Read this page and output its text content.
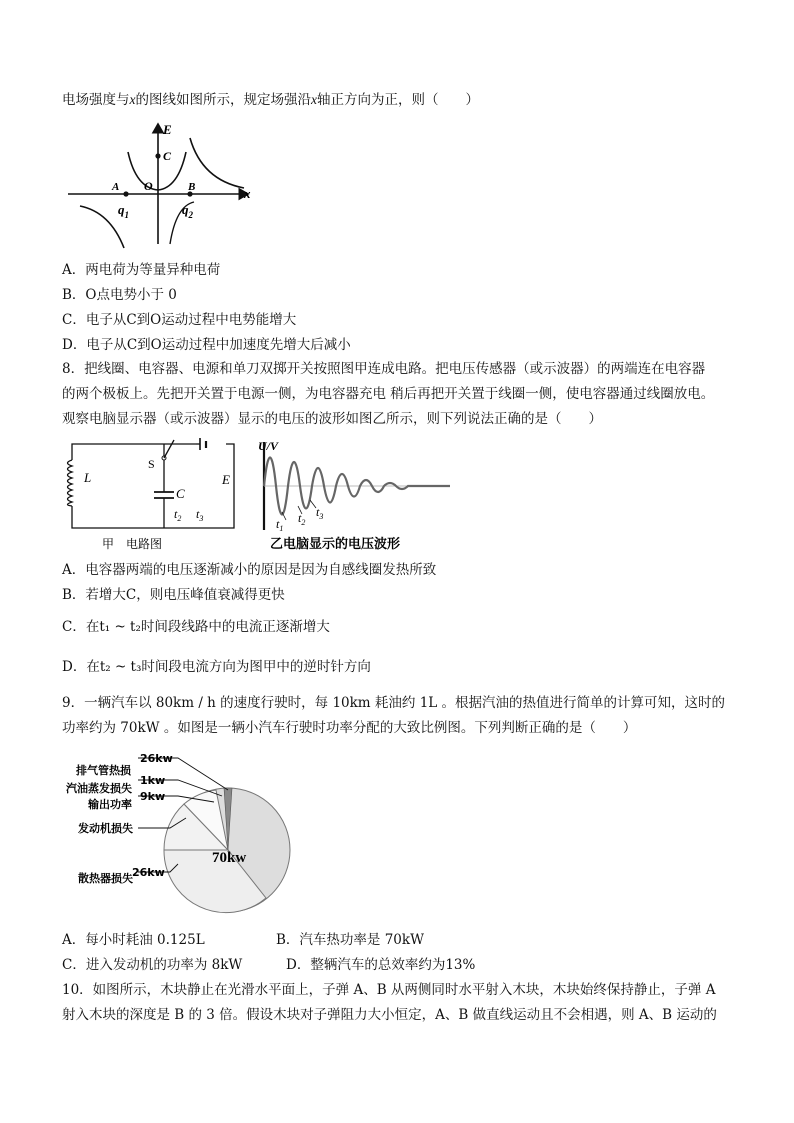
电场强度与x的图线如图所示，规定场强沿x轴正方向为正，则（　　）
E
x
C
A O	B
$q_1$	$q_2$
A．两电荷为等量异种电荷
B．O点电势小于 0
C．电子从C到O运动过程中电势能增大
D．电子从C到O运动过程中加速度先增大后减小
8．把线圈、电容器、电源和单刀双掷开关按照图甲连成电路。把电压传感器（或示波器）的两端连在电容器
的两个极板上。先把开关置于电源一侧，为电容器充电 稍后再把开关置于线圈一侧，使电容器通过线圈放电。
观察电脑显示器（或示波器）显示的电压的波形如图乙所示，则下列说法正确的是（　　）
L
S
C
E
$t_2$ $t_3$
甲　电路图
U/V
$t_1$
$t_2$
$t_3$
乙电脑显示的电压波形
A．电容器两端的电压逐渐减小的原因是因为自感线圈发热所致
B．若增大C，则电压峰值衰减得更快
C．在t₁ ~ t₂时间段线路中的电流正逐渐增大
D．在t₂ ~ t₃时间段电流方向为图甲中的逆时针方向
9．一辆汽车以 80km / h 的速度行驶时，每 10km 耗油约 1L 。根据汽油的热值进行简单的计算可知，这时的
功率约为 70kW 。如图是一辆小汽车行驶时功率分配的大致比例图。下列判断正确的是（　　）
26kw
排气管热损
1kw
汽油蒸发损失
9kw
输出功率
发动机损失
26kw
散热器损失
70kw
A．每小时耗油 0.125L	B．汽车热功率是 70kW
C．进入发动机的功率为 8kW	D．整辆汽车的总效率约为13%
10．如图所示，木块静止在光滑水平面上，子弹 A、B 从两侧同时水平射入木块，木块始终保持静止，子弹 A
射入木块的深度是 B 的 3 倍。假设木块对子弹阻力大小恒定，A、B 做直线运动且不会相遇，则 A、B 运动的
